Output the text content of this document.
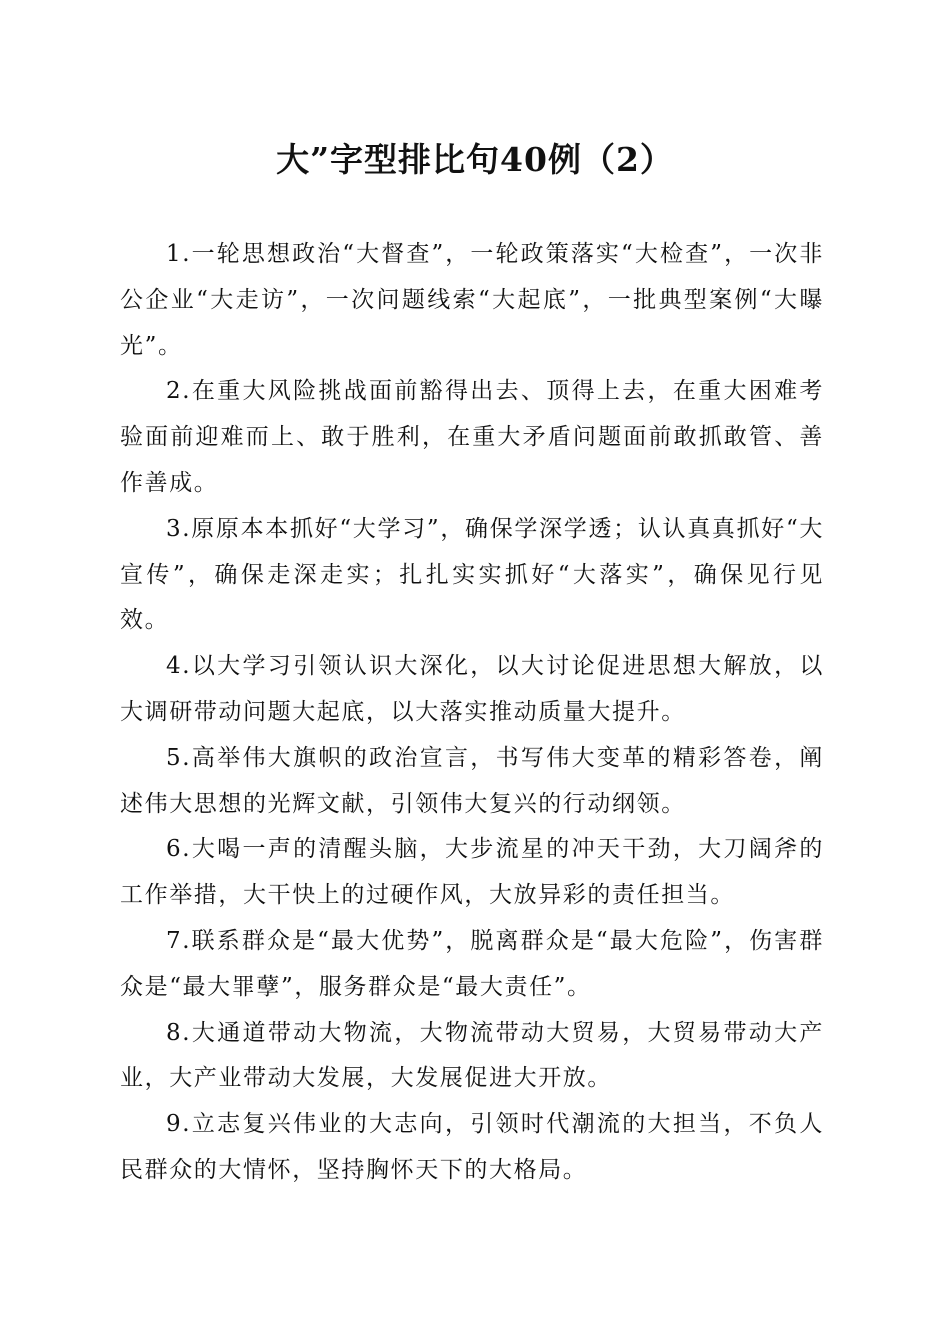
大”字型排比句40例（2）

1.一轮思想政治“大督查”，一轮政策落实“大检查”，一次非公企业“大走访”，一次问题线索“大起底”，一批典型案例“大曝光”。

2.在重大风险挑战面前豁得出去、顶得上去，在重大困难考验面前迎难而上、敢于胜利，在重大矛盾问题面前敢抓敢管、善作善成。

3.原原本本抓好“大学习”，确保学深学透；认认真真抓好“大宣传”，确保走深走实；扎扎实实抓好“大落实”，确保见行见效。

4.以大学习引领认识大深化，以大讨论促进思想大解放，以大调研带动问题大起底，以大落实推动质量大提升。

5.高举伟大旗帜的政治宣言，书写伟大变革的精彩答卷，阐述伟大思想的光辉文献，引领伟大复兴的行动纲领。

6.大喝一声的清醒头脑，大步流星的冲天干劲，大刀阔斧的工作举措，大干快上的过硬作风，大放异彩的责任担当。

7.联系群众是“最大优势”，脱离群众是“最大危险”，伤害群众是“最大罪孽”，服务群众是“最大责任”。

8.大通道带动大物流，大物流带动大贸易，大贸易带动大产业，大产业带动大发展，大发展促进大开放。

9.立志复兴伟业的大志向，引领时代潮流的大担当，不负人民群众的大情怀，坚持胸怀天下的大格局。
